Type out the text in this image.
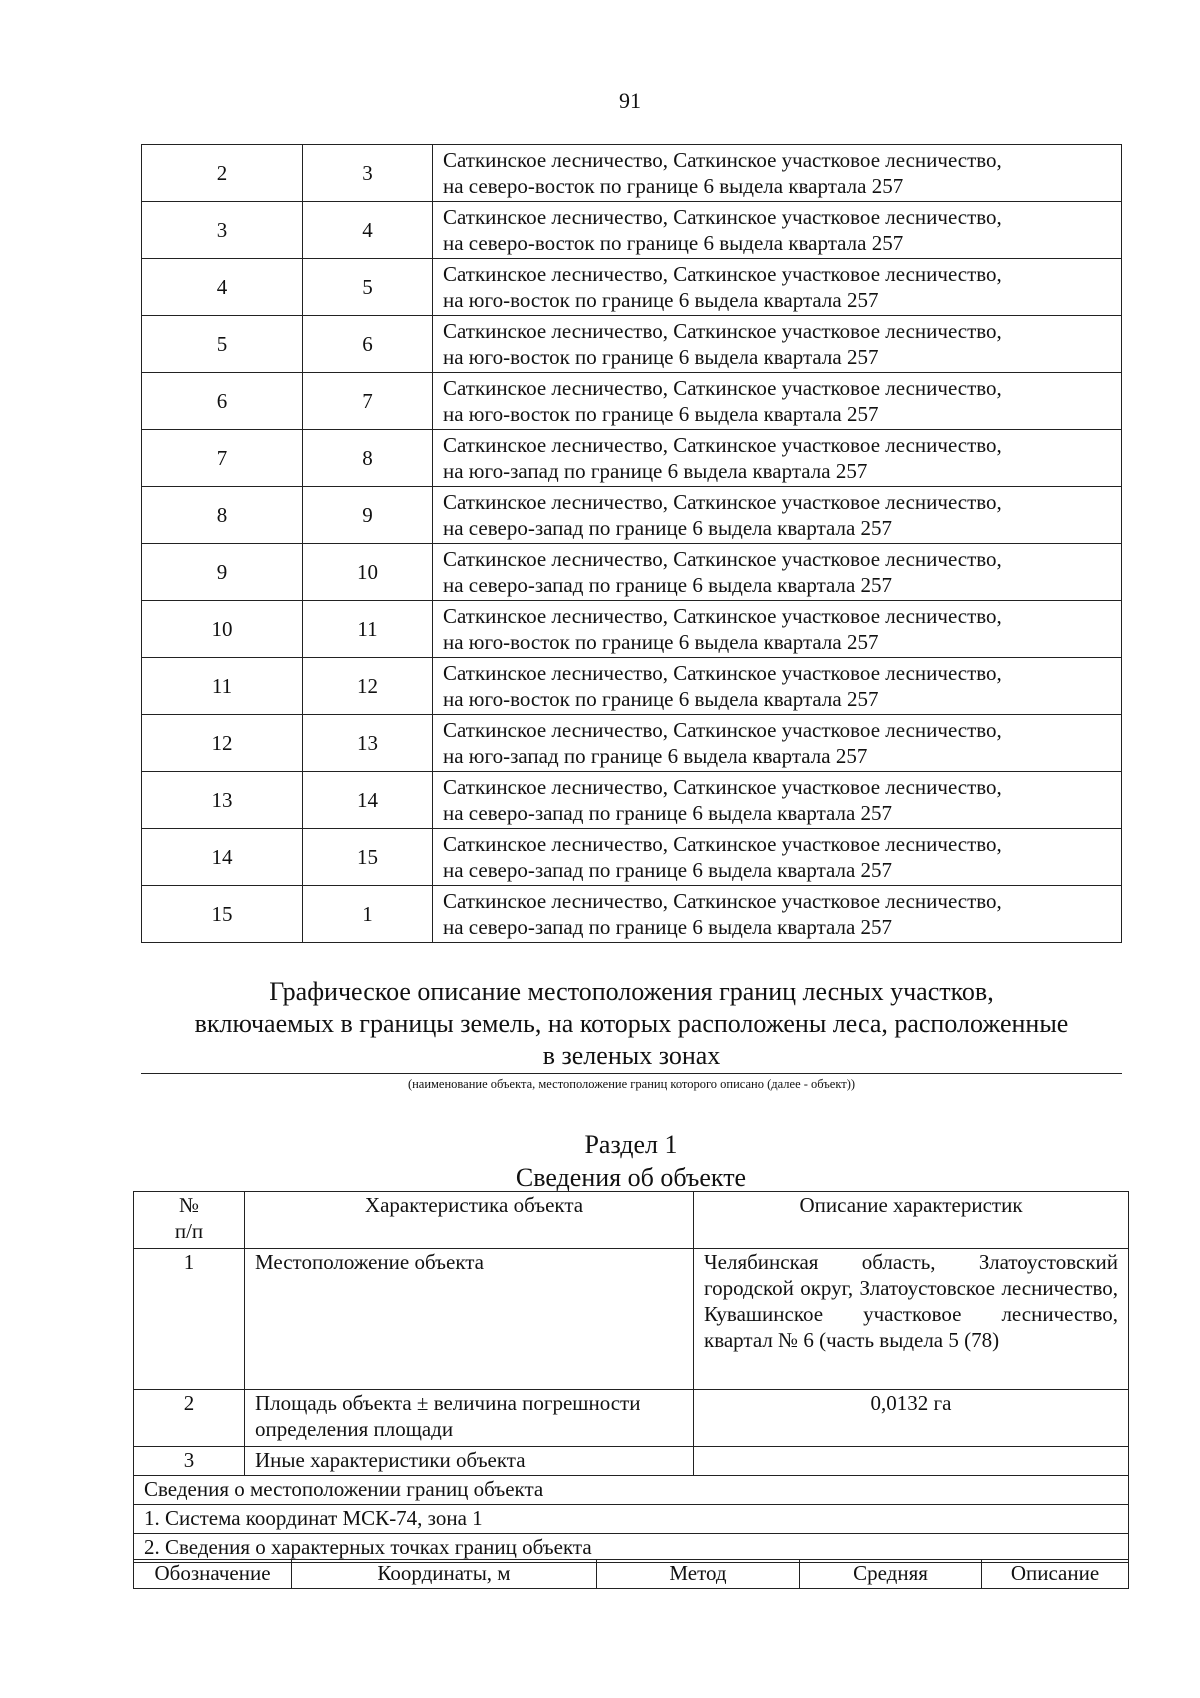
91
2	3	Саткинское лесничество, Саткинское участковое лесничество,
на северо-восток по границе 6 выдела квартала 257

3	4	Саткинское лесничество, Саткинское участковое лесничество,
на северо-восток по границе 6 выдела квартала 257

4	5	Саткинское лесничество, Саткинское участковое лесничество,
на юго-восток по границе 6 выдела квартала 257

5	6	Саткинское лесничество, Саткинское участковое лесничество,
на юго-восток по границе 6 выдела квартала 257

6	7	Саткинское лесничество, Саткинское участковое лесничество,
на юго-восток по границе 6 выдела квартала 257

7	8	Саткинское лесничество, Саткинское участковое лесничество,
на юго-запад по границе 6 выдела квартала 257

8	9	Саткинское лесничество, Саткинское участковое лесничество,
на северо-запад по границе 6 выдела квартала 257

9	10	Саткинское лесничество, Саткинское участковое лесничество,
на северо-запад по границе 6 выдела квартала 257

10	11	Саткинское лесничество, Саткинское участковое лесничество,
на юго-восток по границе 6 выдела квартала 257

11	12	Саткинское лесничество, Саткинское участковое лесничество,
на юго-восток по границе 6 выдела квартала 257

12	13	Саткинское лесничество, Саткинское участковое лесничество,
на юго-запад по границе 6 выдела квартала 257

13	14	Саткинское лесничество, Саткинское участковое лесничество,
на северо-запад по границе 6 выдела квартала 257

14	15	Саткинское лесничество, Саткинское участковое лесничество,
на северо-запад по границе 6 выдела квартала 257

15	1	Саткинское лесничество, Саткинское участковое лесничество,
на северо-запад по границе 6 выдела квартала 257
Графическое описание местоположения границ лесных участков,
включаемых в границы земель, на которых расположены леса, расположенные
в зеленых зонах
(наименование объекта, местоположение границ которого описано (далее - объект))
Раздел 1
Сведения об объекте
№
п/п	Характеристика объекта	Описание характеристик
1	Местоположение объекта	Челябинская область, Златоустовский городской округ, Златоустовское лесничество, Кувашинское участковое лесничество, квартал № 6 (часть выдела 5 (78)
2	Площадь объекта ± величина погрешности определения площади	0,0132 га
3	Иные характеристики объекта	
Сведения о местоположении границ объекта		
1. Система координат МСК-74, зона 1		
2. Сведения о характерных точках границ объекта		
Обозначение	Координаты, м	Метод	Средняя	Описание
